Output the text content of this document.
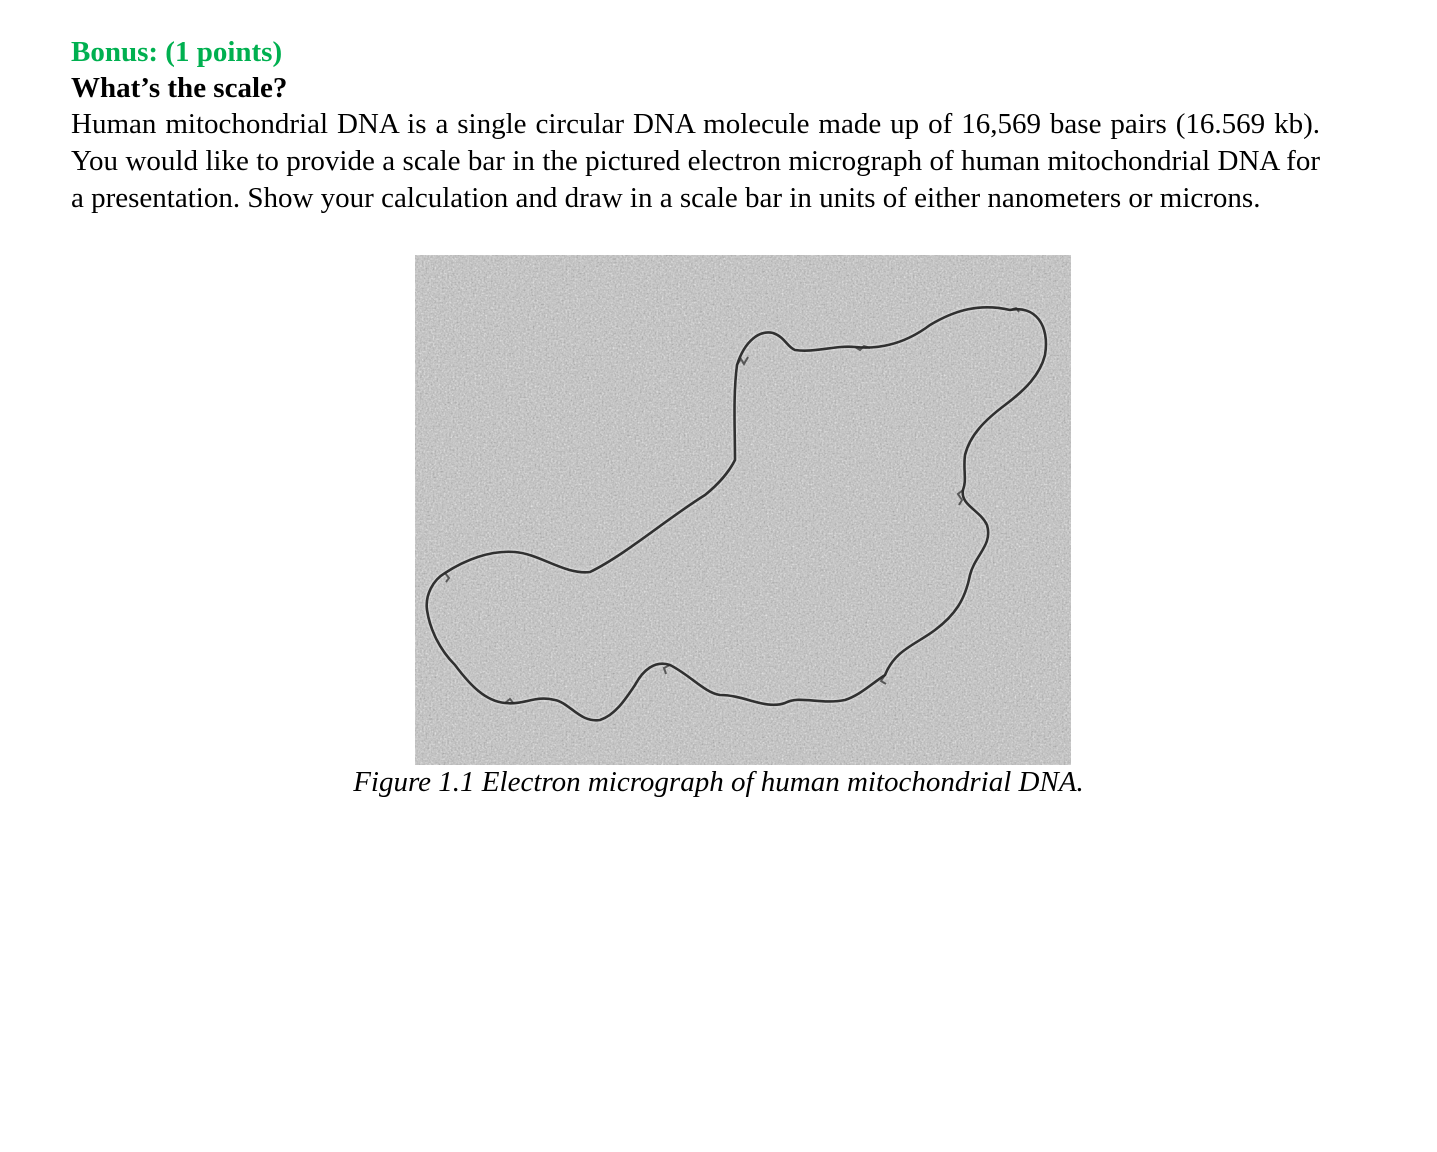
Bonus: (1 points)

What’s the scale?

Human mitochondrial DNA is a single circular DNA molecule made up of 16,569 base pairs (16.569 kb). You would like to provide a scale bar in the pictured electron micrograph of human mitochondrial DNA for a presentation. Show your calculation and draw in a scale bar in units of either nanometers or microns.

Figure 1.1 Electron micrograph of human mitochondrial DNA.
